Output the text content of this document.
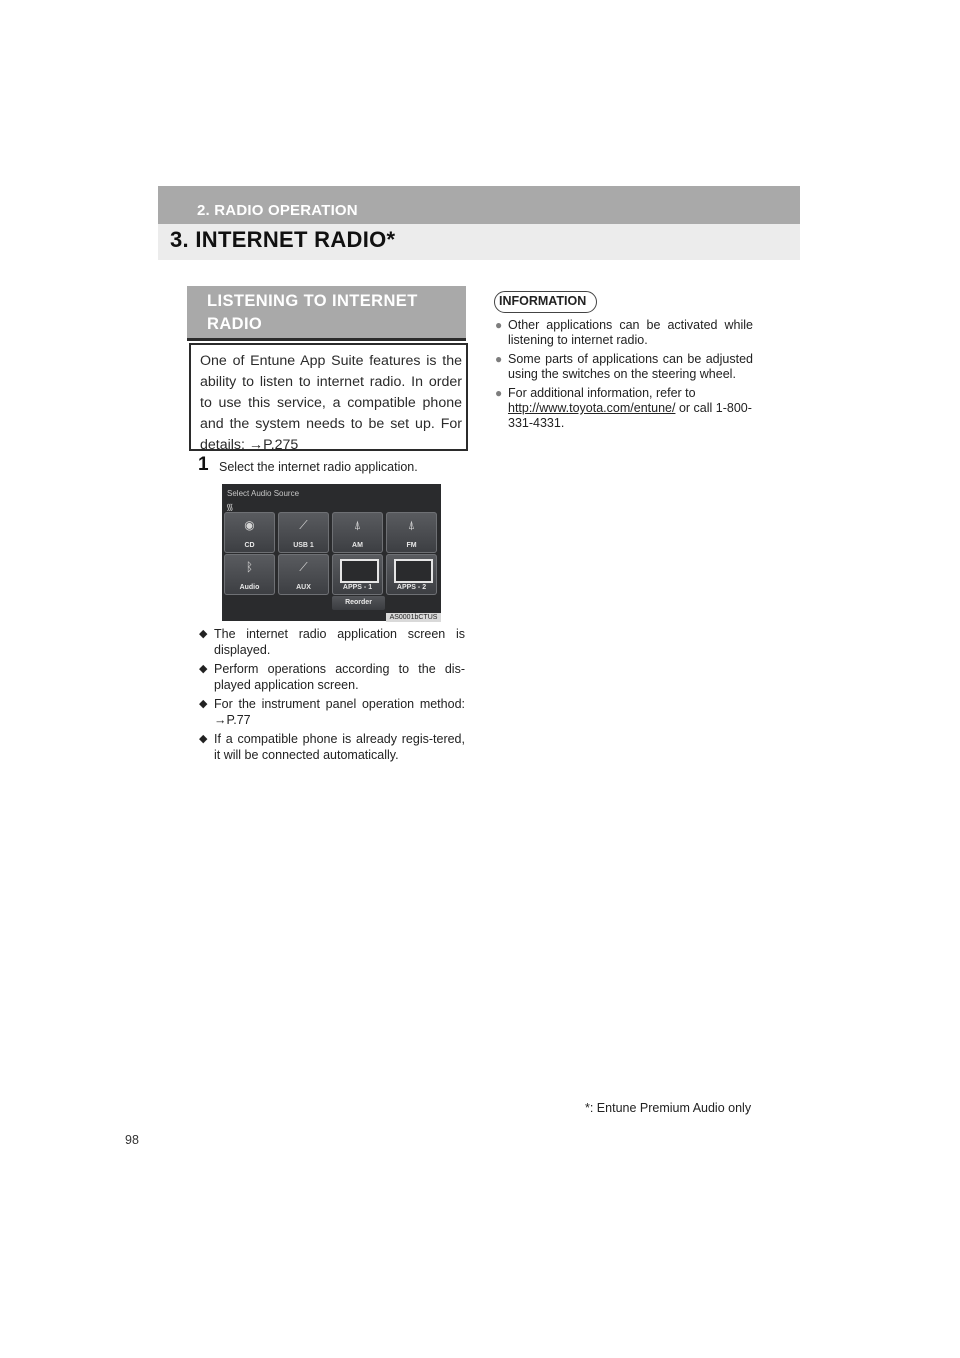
2. RADIO OPERATION
3. INTERNET RADIO*
LISTENING TO INTERNET
RADIO
One of Entune App Suite features is the ability to listen to internet radio. In order to use this service, a compatible phone and the system needs to be set up. For details: →P.275
1 Select the internet radio application.
Select Audio Source
᯾
◉
CD
⟋
USB 1
⍋
AM
⍋
FM
ᛒ
Audio
⟋
AUX	APPS - 1	APPS - 2
Reorder
AS0001bCTUS
◆ The internet radio application screen is displayed.
◆ Perform operations according to the dis-played application screen.
◆ For the instrument panel operation method: →P.77
◆ If a compatible phone is already regis-tered, it will be connected automatically.
INFORMATION
● Other applications can be activated while listening to internet radio.
● Some parts of applications can be adjusted using the switches on the steering wheel.
● For additional information, refer to
http://www.toyota.com/entune/ or call 1-800-331-4331.
*: Entune Premium Audio only
98
